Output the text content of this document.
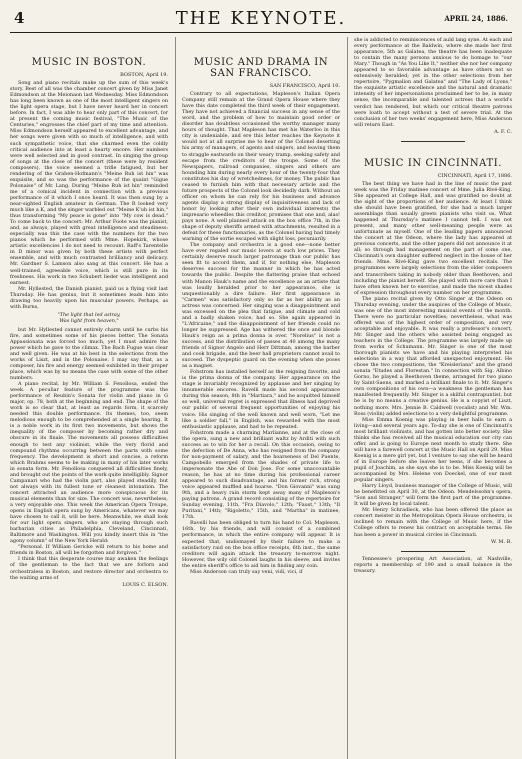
4	THE KEYNOTE.	APRIL 24, 1886.
MUSIC IN BOSTON.
BOSTON, April 19.

Song and piano recitals make up the sum of this week's story. Best of all was the chamber concert given by Miss Janet Edmondson at the Meionaon last Wednesday. Miss Edmondson has long been known as one of the most intelligent singers on the light opera stage, but I have never heard her in concert before. In fact, I was able to hear only part of this concert, for at present the coming music festival, "The Music of the Centuries," engrosses the chief part of my time and attention. Miss Edmondson herself appeared to excellent advantage, and her songs were given with so much of intelligence, and with such sympathetic voice, that she charmed even the coldly critical audience into at least a hearty encore. Her numbers were well selected and in good contrast. In singing the group of songs at the close of the concert (these were by resident composers), the voice seemed a trifle fatigued, but her rendering of the Grahen-Hofmann's "Meine Ruh ist hin" was exquisite, and so was the performance of the quaint "Gigue Polonaise" of Mr. Lang. During "Meine Ruh ist hin" reminded me of a comical incident in connection with a previous performance of it which I once heard. It was then sung by a near-sighted English amateur in German. The R looked very much like a K, and the singer warbled out "Meine K'uh ist hin," thus transforming "My peace is gone" into "My cow is dead." To come back to the concert: Mr. Arthur Foote was the pianist, and, as always, played with great intelligence and steadiness: especially was this the case with the numbers for the two pianos which he performed with Mme. Hopekirk, whose artistic excellencies I do not need to recount. Raff's Tarentelle in D minor was given by both these artists with perfect ensemble, and with much contrasted brilliancy and delicacy. Mr. Gardner S. Lamson also sang at this concert. He has a well-trained, agreeable voice, which is still pure in its freshness. His work in two Schubert lieder was intelligent and earnest.

Mr. Hyllested, the Danish pianist, paid us a flying visit last Thursday. He has genius, but it sometimes leads him into drawing too heavily upon his muscular powers. Perhaps, as with Burns,

"The light that led astray,
Was light from heaven,"

but Mr. Hyllested cannot entirely charm until he curbs his fire, and sometimes some of his pieces better. The Sonata Appassionata was forced too much, yet I must admire the power which he gave to the climax. The Bach Fugue was clear and well given. He was at his best in the selections from the works of Liszt, and in the Polonaise. I may say that, as a composer, his fire and energy seemed exhibited in their proper place, which was by no means the case with some of the other numbers.

A piano recital, by Mr. William S. Fenollosa, ended the week. A peculiar feature of the programme was the performance of Reubin's Sonata for violin and piano in G major, op. 78, both at the beginning and end. The shape of the work is so clear that, at least as regards form, it scarcely needed this double performance. Its themes, too, seem melodious enough to be comprehended at a single hearing. It is a noble work in its first two movements, but shows the inequality of the composer by becoming rather dry and obscure in its finale. The movements all possess difficulties enough to test any violinist, while the very florid and compound rhythms occurring between the parts with some frequency. The development is short and concise, a reform which Brahms seems to be making in many of his later works in sonata form. Mr. Fenollosa conquered all difficulties finely, and brought out the points of the work quite intelligibly. Signor Campanari who had the violin part, also played steadily, but not always with its fullest tone or cleanest intonation. The concert attracted an audience more conspicuous for its musical elements than for size. The concert was, nevertheless, a very enjoyable one. This week the American Opera Troupe, opens in English opera sung by Americans, whatever we may have chosen to call it, will be here. Meanwhile, we shall look for our light opera singers, who are staying through such barbarian cities as Philadelphia, Cleveland, Cincinnati, Baltimore and Washington. Will you kindly insert this in "the agony column" of the New York Herald:

"Personal. If William Gericke will return to his home and friends in Boston, all will be forgotten and forgiven."

I think that this desperate course may awaken the feelings of the gentleman to the fact that we are forlorn and orchestraless in Boston, and restore director and orchestra to the waiting arms of

LOUIS C. ELSON.
MUSIC AND DRAMA IN SAN FRANCISCO.
SAN FRANCISCO, April 10.

Contrary to all expectations, Mapleson's Italian Opera Company still remain at the Grand Opera House where they have this date completed the third week of their engagement. They have not achieved a financial success in any sense of the word, and the problem of how to maintain good order or disorder has doubtless occasioned the worthy manager many hours of thought. That Mapleson has met his Waterloo in this city is undeniable, and ere this letter reaches the Keynote it would not at all surprise me to hear of the Colonel deserting his army of managers, of agents and singers, and leaving them to straggle eastwards on their weary tramp, seeking safety and escape from the creditors of the troupe. Some of the Newspapers, railroad companies, singers and others are hounding him during nearly every hour of the twenty-four that constitutes his day of wretchedness, for money. The public has ceased to furnish him with that necessary article and the future prospects of the Colonel look decidedly dark. Without an officer on whom he can rely for his business and advance agents display a strong display of inquisitiveness and lack of honor by looking after their own individual interests) the impresario wheedles this creditor, promises that one and, alas! pays none. A well planned attack on the box office 7th, in the shape of deputy sheriffs armed with attachments, resulted in a defeat for these functionaries, as the Colonel having had timely warning of the sortie escaped with slight loss, pecuniarily.

The company and orchestra is a good one—none better have ever regaled our music lovers at such low prices. They certainly deserve much larger patronage than our public has seen fit to accord them, and if, for nothing else, Mapleson deserves success for the manner in which he has acted towards the public. Despite the flattering praise that echoed with Manon Hauk's name and the excellence as an artiste that was loudly heralded prior to her appearance, she is unquestionably a dire failure. Her first appearance in "Carmen" was satisfactory only so far as her ability as an actress was concerned. Her singing was a disappointment and was excessed on the plea that fatigue, and climate and cold and a badly shaken voice, had so. She again appeared in "L'Africaine," and the disappointment of her friends could no longer be suppressed. Age has withered the once and blonde Hauk's reign as a prima donna is over. "Norelius" is not a success, and the distribution of passes at 40 among the many friends of Signor Angelo and Herr Dittman, among the barber and cook brigade, and the beer hall proprietors cannot avail to succeed. The dyspeptic guard on the evening when she poses as a magnet.

Fohstrom has installed herself as the reigning favorite, and is the prima donna of the company. Her appearance on the stage is invariably recognized by applause and her singing by innumerable encores. Ravelli made his second appearance during this season, 8th in "Martiara," and he acquitted himself so well, universal regret is expressed that illness had deprived our public of several frequent opportunities of enjoying his voice. His singing of the well known and well worn, "Let me like a soldier fall," in English, was rewarded with the most enthusiastic applause, and had to be repeated.

Fohstrom made a charming Marlianne, and at the close of the opera, sung a new and brilliant waltz by Arditi with such success as to win for her a recall. On this occasion, owing to the defection of De Anna, who has resigned from the company for non-payment of salary, and the hoarseness of Del Puente, Campobello emerged from the shades of private life to impersonate the Abe of Don Jose. For some unaccountable reason, he has at no time during his professional career appeared to such disadvantage, and his former rich, strong voice appeared muffled and hoarse. "Don Giovanni" was sung 9th, and a heavy rain storm kept away many of Mapleson's paying patrons. A grand record consisting of the repertoire for Sunday evening, 11th, "Fra Diavolo," 12th; "Faust," 13th; "Il Puritani," 14th; "Rigoletto," 15th, and "Martha" in matinee, 17th.

Ravelli has been obliged to turn his hand to Col. Mapleson, 16th, by his friends, and will consist of a combined performance, in which the entire company will appear. It is expected that, undismayed by their failure to make a satisfactory raid on the box office receipts, 6th inst., the same creditors will again attack the treasury to-morrow night. However, the wily old Colonel laughs in his sleeve, and invites the entire sheriff's office to aid him in finding any coin.

Miss Anderson can truly say veni, vidi, vici, if

she is addicted to reminiscences of auld lang syne. At each and every performance at the Baldwin, where she made her first appearance, 5th as Galatea, the theatre has been inadequate to contain the many persons anxious to do homage to "our Mary." Though in "As You Like It," neither she nor her company appeared to so favorable advantage as have others not so extensively heralded; yet in the other selections from her repertoire, "Pygmalion and Galatea" and "The Lady of Lyons," the exquisite artistic excellence and the natural and dramatic intensity of her impersonations proclaimed her to be, in many sense, the incomparable and talented actress that a world's verdict has rendered, but which our critical theatre patrons were loath to accept without a test of severe trial. At the conclusion of her two weeks' engagement here, Miss Anderson will return East.

A. F. C.
MUSIC IN CINCINNATI.
CINCINNATI, April 17, 1886.

The best thing we have had in the line of music the past week was the Friday matinee concert of Mme. Julia Rivé-King. She appeared at College Hall, and was gratified no doubt at the sight of the proportions of her audience. At least I think she should have been gratified, for she had a much larger assemblage than usually greets pianists who visit us. What happened at Thursday's matinee I cannot tell. I was not present, and many other well-meaning people were as unfortunate as myself. One of the leading papers announced the concert at the Odeon, where the lady has appeared at previous concerts, and the other papers did not announce it at all; so through bad management on the part of some one, Cincinnati's own daughter suffered neglect in the house of her friends. Mme. Rivé-King gave two excellent recitals. The programmes were largely selections from the older composers and transcribers taking in nobody older than Beethoven, and including the pianist herself. She played with more care than I have often known her to exercise, and made the nicest shades of expression throughout every number on her programme.

The piano recital given by Otto Singer at the Odeon on Thursday evening, under the auspices of the College of Music, was one of the most interesting musical events of the month. There were no particular novelties; nevertheless, what was offered was of the highest order of composition, and very acceptable and enjoyable. It was really a professor's concert, Mr. Singer and the others who assisted being engaged as teachers in the College. The programme was largely made up from works of Schumann. Mr. Singer is one of the most thorough pianists we have and his playing interpreted his selections in a way that afforded unexpected enjoyment. He chose the two compositions, the "Kreisleriana" and the grand sonata "Etudes and Florestan." In connection with Sig. Albino Gorno, he played a Beethoven theme, arranged for two piano by Saint-Saens, and marked a brilliant finale to it. Mr. Singer's own compositions of his own—a weakness the gentleman has manifested frequently. Mr. Singer is a skilful contrapuntist, but he is by no means a creative genius. He is a copyist of Liszt, nothing more. Mrs. Jennie B. Caldwell (vocalist) and Mr. Wm. Ross (violin) added selections to a very delightful programme.

Miss Emma Koenig was playing in beer halls to earn a living—and several years ago. To-day she is one of Cincinnati's most brilliant violinists, and has gotten into better society. She thinks she has received all the musical education our city can offer, and is going to Europe next month to study there. She will have a farewell concert at the Music Hall on April 29. Miss Koenig is a mere girl yet, but I venture to say she will be heard of in Europe before she leaves her teens, if she becomes a pupil of Joachim, as she says she is to be. Miss Koenig will be accompanied by Mrs. Helene von Doeckel, one of our most popular singers.

Harry Lloyd, business manager of the College of Music, will be benefitted on April 30, at the Odeon. Mendelssohn's opera, "Son and Stranger," will form the first part of the programme. It will be given by local talent.

Mr. Henry Schradieck, who has been offered the place as concert meister in the Metropolitan Opera House orchestra, is inclined to remain with the College of Music here, if the College offers to renew his contract on acceptable terms. He has been a power in musical circles in Cincinnati.

W. M. B.

Tennessee's prospering Art Association, at Nashville, reports a membership of 190 and a small balance in the treasury.
